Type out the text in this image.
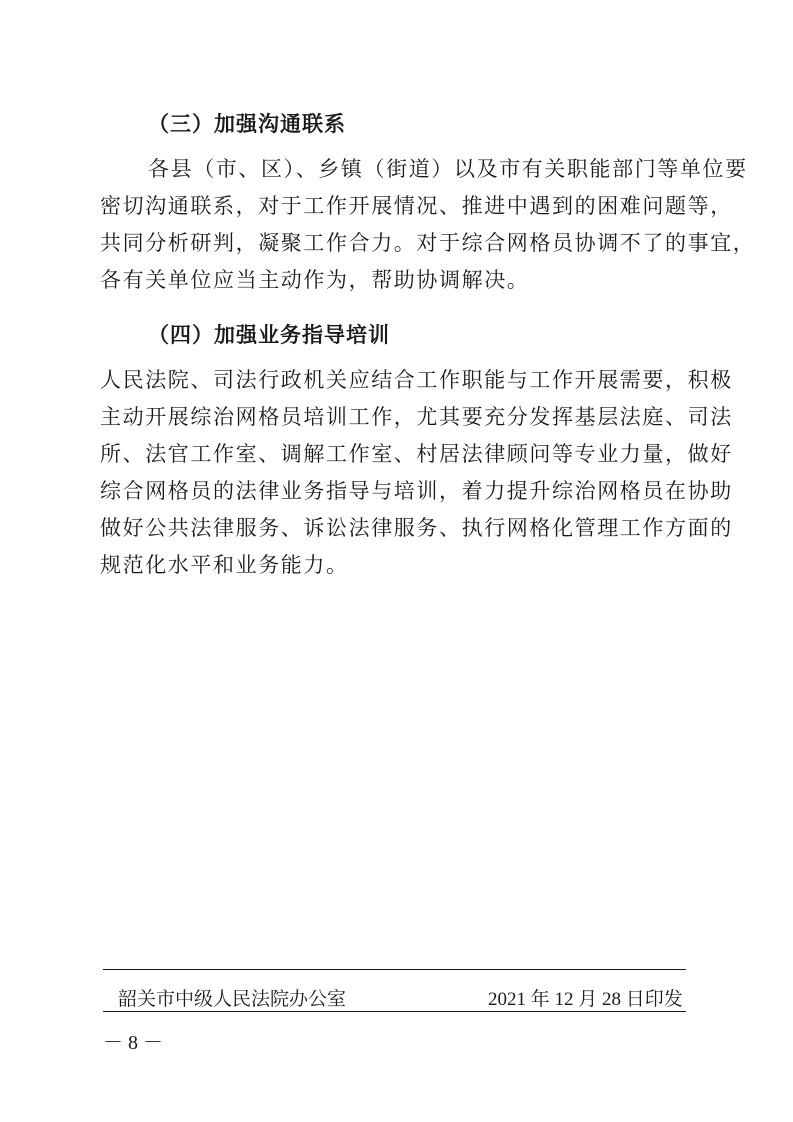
（三）加强沟通联系
各县（市、区）、乡镇（街道）以及市有关职能部门等单位要
密切沟通联系，对于工作开展情况、推进中遇到的困难问题等，
共同分析研判，凝聚工作合力。对于综合网格员协调不了的事宜，
各有关单位应当主动作为，帮助协调解决。
（四）加强业务指导培训
人民法院、司法行政机关应结合工作职能与工作开展需要，积极
主动开展综治网格员培训工作，尤其要充分发挥基层法庭、司法
所、法官工作室、调解工作室、村居法律顾问等专业力量，做好
综合网格员的法律业务指导与培训，着力提升综治网格员在协助
做好公共法律服务、诉讼法律服务、执行网格化管理工作方面的
规范化水平和业务能力。
韶关市中级人民法院办公室	2021 年 12 月 28 日印发
－ 8 －
